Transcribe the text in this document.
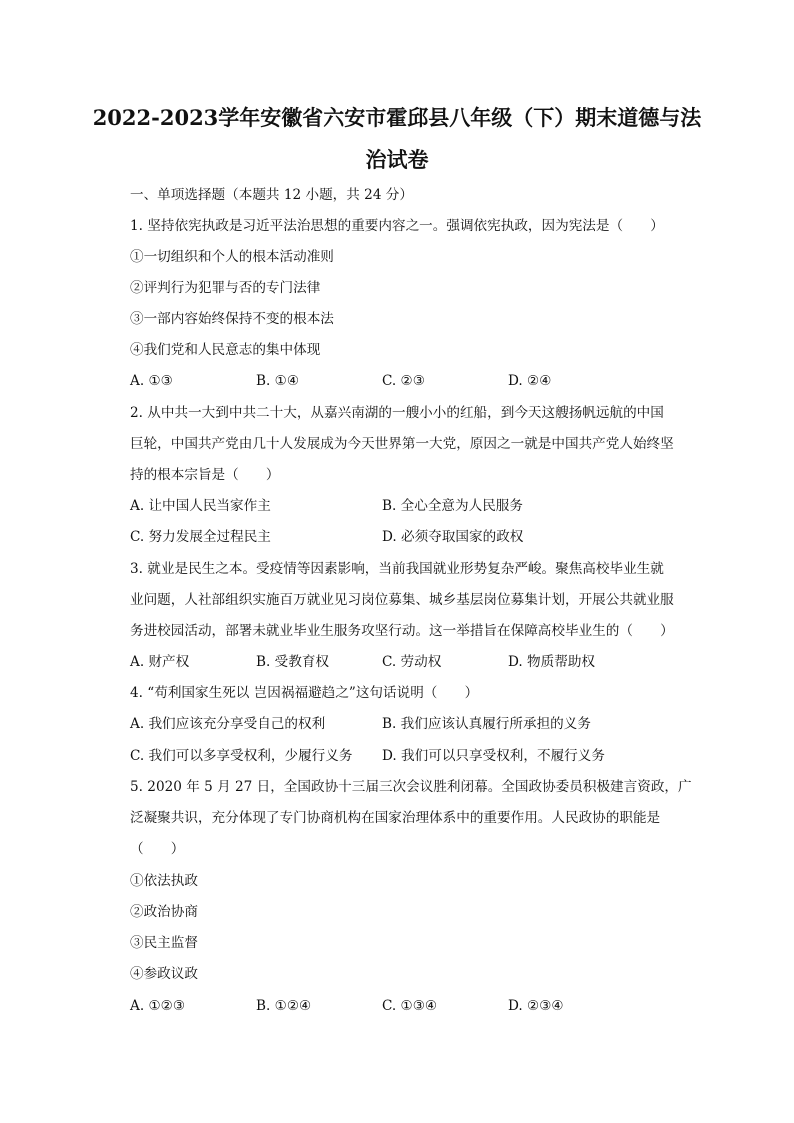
2022-2023学年安徽省六安市霍邱县八年级（下）期末道德与法
治试卷
一、单项选择题（本题共 12 小题，共 24 分）
1. 坚持依宪执政是习近平法治思想的重要内容之一。强调依宪执政，因为宪法是（　　）
①一切组织和个人的根本活动准则
②评判行为犯罪与否的专门法律
③一部内容始终保持不变的根本法
④我们党和人民意志的集中体现
A. ①③	B. ①④	C. ②③	D. ②④
2. 从中共一大到中共二十大，从嘉兴南湖的一艘小小的红船，到今天这艘扬帆远航的中国
巨轮，中国共产党由几十人发展成为今天世界第一大党，原因之一就是中国共产党人始终坚
持的根本宗旨是（　　）
A. 让中国人民当家作主	B. 全心全意为人民服务
C. 努力发展全过程民主	D. 必须夺取国家的政权
3. 就业是民生之本。受疫情等因素影响，当前我国就业形势复杂严峻。聚焦高校毕业生就
业问题，人社部组织实施百万就业见习岗位募集、城乡基层岗位募集计划，开展公共就业服
务进校园活动，部署未就业毕业生服务攻坚行动。这一举措旨在保障高校毕业生的（　　）
A. 财产权	B. 受教育权	C. 劳动权	D. 物质帮助权
4. “苟利国家生死以 岂因祸福避趋之”这句话说明（　　）
A. 我们应该充分享受自己的权利	B. 我们应该认真履行所承担的义务
C. 我们可以多享受权利，少履行义务 D. 我们可以只享受权利，不履行义务
5. 2020 年 5 月 27 日，全国政协十三届三次会议胜利闭幕。全国政协委员积极建言资政，广
泛凝聚共识，充分体现了专门协商机构在国家治理体系中的重要作用。人民政协的职能是
（　　）
①依法执政
②政治协商
③民主监督
④参政议政
A. ①②③	B. ①②④	C. ①③④	D. ②③④
